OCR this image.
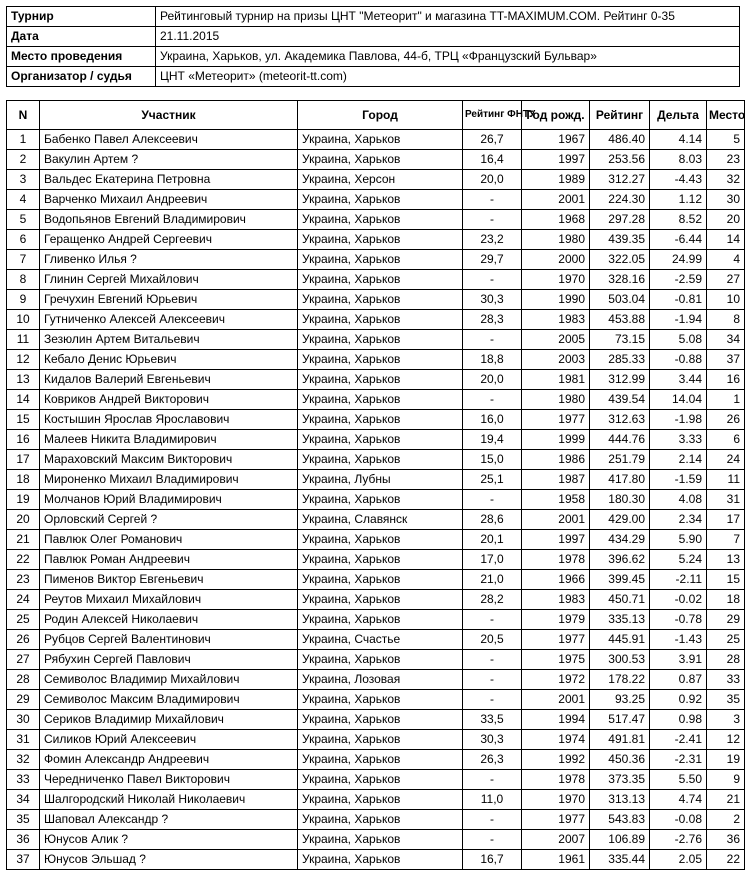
Турнир	Рейтинговый турнир на призы ЦНТ "Метеорит" и магазина TT-MAXIMUM.COM. Рейтинг 0-35
Дата	21.11.2015
Место проведения	Украина, Харьков, ул. Академика Павлова, 44-б, ТРЦ «Французский Бульвар»
Организатор / судья	ЦНТ «Метеорит» (meteorit-tt.com)
N	Участник	Город	Рейтинг ФНТУ	Год рожд.	Рейтинг	Дельта	Место
1	Бабенко Павел Алексеевич	Украина, Харьков	26,7	1967	486.40	4.14	5
2	Вакулин Артем ?	Украина, Харьков	16,4	1997	253.56	8.03	23
3	Вальдес Екатерина Петровна	Украина, Херсон	20,0	1989	312.27	-4.43	32
4	Варченко Михаил Андреевич	Украина, Харьков	-	2001	224.30	1.12	30
5	Водопьянов Евгений Владимирович	Украина, Харьков	-	1968	297.28	8.52	20
6	Геращенко Андрей Сергеевич	Украина, Харьков	23,2	1980	439.35	-6.44	14
7	Гливенко Илья ?	Украина, Харьков	29,7	2000	322.05	24.99	4
8	Глинин Сергей Михайлович	Украина, Харьков	-	1970	328.16	-2.59	27
9	Гречухин Евгений Юрьевич	Украина, Харьков	30,3	1990	503.04	-0.81	10
10	Гутниченко Алексей Алексеевич	Украина, Харьков	28,3	1983	453.88	-1.94	8
11	Зезюлин Артем Витальевич	Украина, Харьков	-	2005	73.15	5.08	34
12	Кебало Денис Юрьевич	Украина, Харьков	18,8	2003	285.33	-0.88	37
13	Кидалов Валерий Евгеньевич	Украина, Харьков	20,0	1981	312.99	3.44	16
14	Ковриков Андрей Викторович	Украина, Харьков	-	1980	439.54	14.04	1
15	Костышин Ярослав Ярославович	Украина, Харьков	16,0	1977	312.63	-1.98	26
16	Малеев Никита Владимирович	Украина, Харьков	19,4	1999	444.76	3.33	6
17	Мараховский Максим Викторович	Украина, Харьков	15,0	1986	251.79	2.14	24
18	Мироненко Михаил Владимирович	Украина, Лубны	25,1	1987	417.80	-1.59	11
19	Молчанов Юрий Владимирович	Украина, Харьков	-	1958	180.30	4.08	31
20	Орловский Сергей ?	Украина, Славянск	28,6	2001	429.00	2.34	17
21	Павлюк Олег Романович	Украина, Харьков	20,1	1997	434.29	5.90	7
22	Павлюк Роман Андреевич	Украина, Харьков	17,0	1978	396.62	5.24	13
23	Пименов Виктор Евгеньевич	Украина, Харьков	21,0	1966	399.45	-2.11	15
24	Реутов Михаил Михайлович	Украина, Харьков	28,2	1983	450.71	-0.02	18
25	Родин Алексей Николаевич	Украина, Харьков	-	1979	335.13	-0.78	29
26	Рубцов Сергей Валентинович	Украина, Счастье	20,5	1977	445.91	-1.43	25
27	Рябухин Сергей Павлович	Украина, Харьков	-	1975	300.53	3.91	28
28	Семиволос Владимир Михайлович	Украина, Лозовая	-	1972	178.22	0.87	33
29	Семиволос Максим Владимирович	Украина, Харьков	-	2001	93.25	0.92	35
30	Сериков Владимир Михайлович	Украина, Харьков	33,5	1994	517.47	0.98	3
31	Силиков Юрий Алексеевич	Украина, Харьков	30,3	1974	491.81	-2.41	12
32	Фомин Александр Андреевич	Украина, Харьков	26,3	1992	450.36	-2.31	19
33	Чередниченко Павел Викторович	Украина, Харьков	-	1978	373.35	5.50	9
34	Шалгородский Николай Николаевич	Украина, Харьков	11,0	1970	313.13	4.74	21
35	Шаповал Александр ?	Украина, Харьков	-	1977	543.83	-0.08	2
36	Юнусов Алик ?	Украина, Харьков	-	2007	106.89	-2.76	36
37	Юнусов Эльшад ?	Украина, Харьков	16,7	1961	335.44	2.05	22
